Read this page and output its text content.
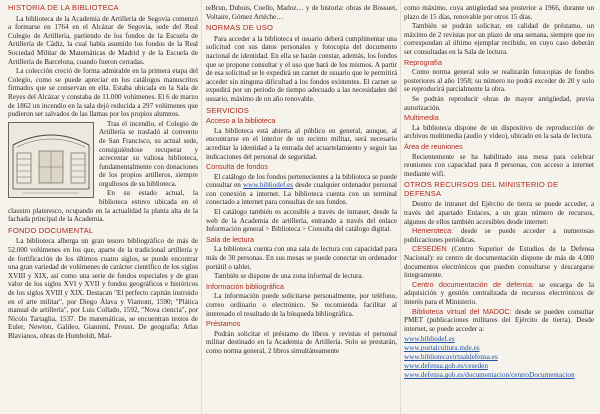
HISTORIA DE LA BIBLIOTECA

La biblioteca de la Academia de Artillería de Segovia comenzó a formarse en 1764 en el Alcázar de Segovia, sede del Real Colegio de Artillería, partiendo de los fondos de la Escuela de Artillería de Cádiz, la cual había asumido los fondos de la Real Sociedad Militar de Matemáticas de Madrid y de la Escuela de Artillería de Barcelona, cuando fueron cerradas.

La colección creció de forma admirable en la primera etapa del Colegio, como se puede apreciar en los catálogos manuscritos firmados que se conservan en ella. Estaba ubicada en la Sala de Reyes del Alcázar y constaba de 11.000 volúmenes. El 6 de marzo de 1862 un incendio en la sala dejó reducida a 297 volúmenes que pudieron ser salvados de las llamas por los propios alumnos.

Tras el incendio, el Colegio de Artillería se trasladó al convento de San Francisco, su actual sede, consiguiéndose recuperar y acrecentar su valiosa biblioteca, fundamentalmente con donaciones de los propios artilleros, siempre orgullosos de su biblioteca.

En su estado actual, la biblioteca estuvo ubicada en el claustro plateresco, ocupando en la actualidad la planta alta de la fachada principal de la Academia.

FONDO DOCUMENTAL

La biblioteca alberga un gran tesoro bibliográfico de más de 52.000 volúmenes en los que, aparte de la tradicional artillería y de fortificación de los últimos cuatro siglos, se puede encontrar una gran variedad de volúmenes de carácter científico de los siglos XVIII y XIX, así como una serie de fondos especiales y de gran valor de los siglos XVI y XVII y fondos geográficos e históricos de los siglos XVIII y XIX. Destacan "El perfecto capitán instruido en el arte militar", por Diego Álava y Viamont, 1590; "Plática manual de artillería", por Luis Collado, 1592, "Nova ciencia", por Nicolo Tartaglia, 1537. De matemáticas, se encuentran textos de Euler, Newton, Galileo, Giannini, Proust. De geografía: Atlas Blavianos, obras de Humboldt, Mal-

teBrun, Dubois, Coello, Madoz… y de historia: obras de Bossuet, Voltaire, Gómez Artéche…

NORMAS DE USO

Para acceder a la biblioteca el usuario deberá cumplimentar una solicitud con sus datos personales y fotocopia del documento nacional de identidad. En ella se harán constar, además, los fondos que se propone consultar y el uso que hará de los mismos. A partir de esa solicitud se le expedirá un carnet de usuario que le permitirá acceder sin ninguna dificultad a los fondos existentes. El carnet se expedirá por un periodo de tiempo adecuado a las necesidades del usuario, máximo de un año renovable.

SERVICIOS
Acceso a la biblioteca

La biblioteca está abierta al público en general, aunque, al encontrarse en el interior de un recinto militar, será necesario acreditar la identidad a la entrada del acuartelamiento y seguir las indicaciones del personal de seguridad.

Consulta de fondos

El catálogo de los fondos pertenecientes a la biblioteca se puede consultar en www.bibliodef.es desde cualquier ordenador personal con conexión a internet. La biblioteca cuenta con un terminal conectado a internet para consultas de sus fondos.

El catálogo también es accesible a través de intranet, desde la web de la Academia de artillería, entrando a través del enlace Información general > Biblioteca > Consulta del catálogo digital.

Sala de lectura

La biblioteca cuenta con una sala de lectura con capacidad para más de 30 personas. En sus mesas se puede conectar un ordenador portátil o tablet.

También se dispone de una zona informal de lectura.

Información bibliográfica

La información puede solicitarse personalmente, por teléfono, correo ordinario o electrónico. Se recomienda facilitar al interesado el resultado de la búsqueda bibliográfica.

Préstamos

Podrán solicitar el préstamo de libros y revistas el personal militar destinado en la Academia de Artillería. Solo se prestarán, como norma general, 2 libros simultáneamente

como máximo, cuya antigüedad sea posterior a 1966, durante un plazo de 15 días, renovable por otros 15 días.

También se podrán solicitar, en calidad de préstamo, un máximo de 2 revistas por un plazo de una semana, siempre que no correspondan al último ejemplar recibido, en cuyo caso deberán ser consultadas en la Sala de lectura.

Reprografía

Como norma general solo se realizarán fotocopias de fondos posteriores al año 1958; su número no podrá exceder de 20 y solo se reproducirá parcialmente la obra.

Se podrán reproducir obras de mayor antigüedad, previa autorización.

Multimedia

La biblioteca dispone de un dispositivo de reproducción de archivos multimedia (audio y vídeo), ubicado en la sala de lectura.

Área de reuniones

Recientemente se ha habilitado una mesa para celebrar reuniones con capacidad para 8 personas, con acceso a internet mediante wifi.

OTROS RECURSOS DEL MINISTERIO DE DEFENSA

Dentro de intranet del Ejército de tierra se puede acceder, a través del apartado Enlaces, a un gran número de recursos, algunos de ellos también accesibles desde internet:

Hemeroteca: desde se puede acceder a numerosas publicaciones periódicas.

CESEDEN (Centro Superior de Estudios de la Defensa Nacional): su centro de documentación dispone de más de 4.000 documentos electrónicos que pueden consultarse y descargarse íntegramente.

Centro documentación de defensa: se encarga de la adquisición y gestión centralizada de recursos electrónicos de interés para el Ministerio.

Biblioteca virtual del MADOC: desde se pueden consultar PMET (publicaciones militares del Ejército de tierra). Desde internet, se puede acceder a:

www.bibliodef.es
www.portalcultura.mde.es
www.bibliotecavirtualdefensa.es
www.defensa.gob.es/ceseden
www.defensa.gob.es/documentacion/centroDocumentacion
